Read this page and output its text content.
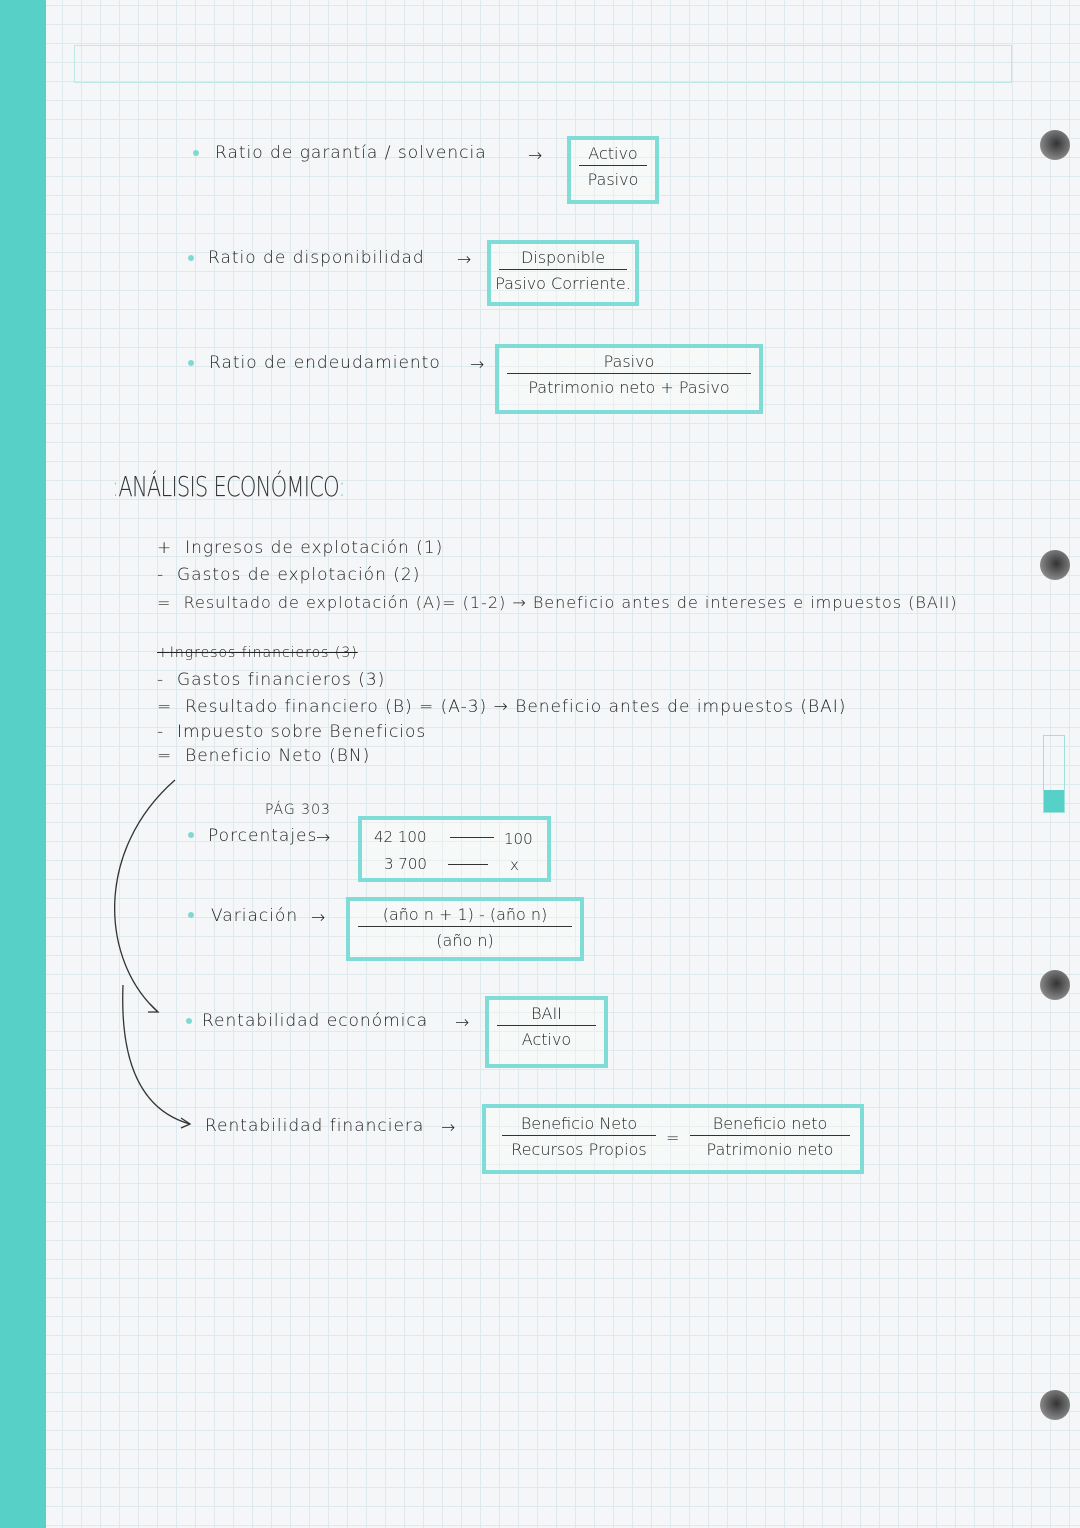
Ratio de garantía / solvencia →	Activo
Pasivo
Ratio de disponibilidad →	Disponible
Pasivo Corriente.
Ratio de endeudamiento →	Pasivo
Patrimonio neto + Pasivo
:ANÁLISIS ECONÓMICO:
+ Ingresos de explotación (1)
- Gastos de explotación (2)
= Resultado de explotación (A)= (1-2) → Beneficio antes de intereses e impuestos (BAII)
+Ingresos financieros (3)
- Gastos financieros (3)
= Resultado financiero (B) = (A-3) → Beneficio antes de impuestos (BAI)
- Impuesto sobre Beneficios
= Beneficio Neto (BN)
PÁG 303
Porcentajes
→	42 100	100
3 700	x
Variación →	(año n + 1) - (año n)
(año n)
Rentabilidad económica →	BAII
Activo
Rentabilidad financiera →	Beneficio Neto
Recursos Propios
=
Beneficio neto
Patrimonio neto
